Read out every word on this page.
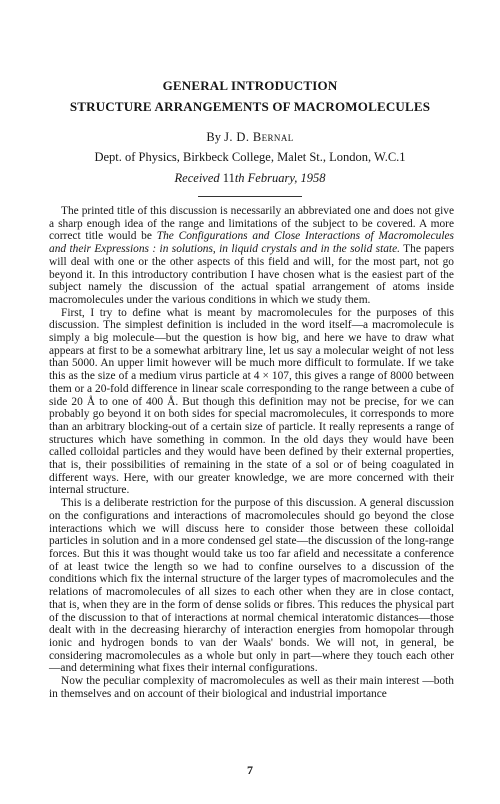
GENERAL INTRODUCTION
STRUCTURE ARRANGEMENTS OF MACROMOLECULES
By J. D. Bernal
Dept. of Physics, Birkbeck College, Malet St., London, W.C.1
Received 11th February, 1958

The printed title of this discussion is necessarily an abbreviated one and does not give a sharp enough idea of the range and limitations of the subject to be covered. A more correct title would be The Configurations and Close Interactions of Macromolecules and their Expressions : in solutions, in liquid crystals and in the solid state. The papers will deal with one or the other aspects of this field and will, for the most part, not go beyond it. In this introductory contribution I have chosen what is the easiest part of the subject namely the discussion of the actual spatial arrangement of atoms inside macromolecules under the various conditions in which we study them.

First, I try to define what is meant by macromolecules for the purposes of this discussion. The simplest definition is included in the word itself—a macromolecule is simply a big molecule—but the question is how big, and here we have to draw what appears at first to be a somewhat arbitrary line, let us say a molecular weight of not less than 5000. An upper limit however will be much more difficult to formulate. If we take this as the size of a medium virus particle at 4 × 107, this gives a range of 8000 between them or a 20-fold difference in linear scale corresponding to the range between a cube of side 20 Å to one of 400 Å. But though this definition may not be precise, for we can probably go beyond it on both sides for special macromolecules, it corresponds to more than an arbitrary blocking-out of a certain size of particle. It really represents a range of structures which have something in common. In the old days they would have been called colloidal particles and they would have been defined by their external properties, that is, their possibilities of remaining in the state of a sol or of being coagulated in different ways. Here, with our greater knowledge, we are more concerned with their internal structure.

This is a deliberate restriction for the purpose of this discussion. A general discussion on the configurations and interactions of macromolecules should go beyond the close interactions which we will discuss here to consider those between these colloidal particles in solution and in a more condensed gel state—the discussion of the long-range forces. But this it was thought would take us too far afield and necessitate a conference of at least twice the length so we had to confine ourselves to a discussion of the conditions which fix the internal structure of the larger types of macromolecules and the relations of macromolecules of all sizes to each other when they are in close contact, that is, when they are in the form of dense solids or fibres. This reduces the physical part of the discussion to that of interactions at normal chemical interatomic distances—those dealt with in the decreasing hierarchy of interaction energies from homopolar through ionic and hydrogen bonds to van der Waals' bonds. We will not, in general, be considering macromolecules as a whole but only in part—where they touch each other—and determining what fixes their internal configurations.

Now the peculiar complexity of macromolecules as well as their main interest —both in themselves and on account of their biological and industrial importance

7
